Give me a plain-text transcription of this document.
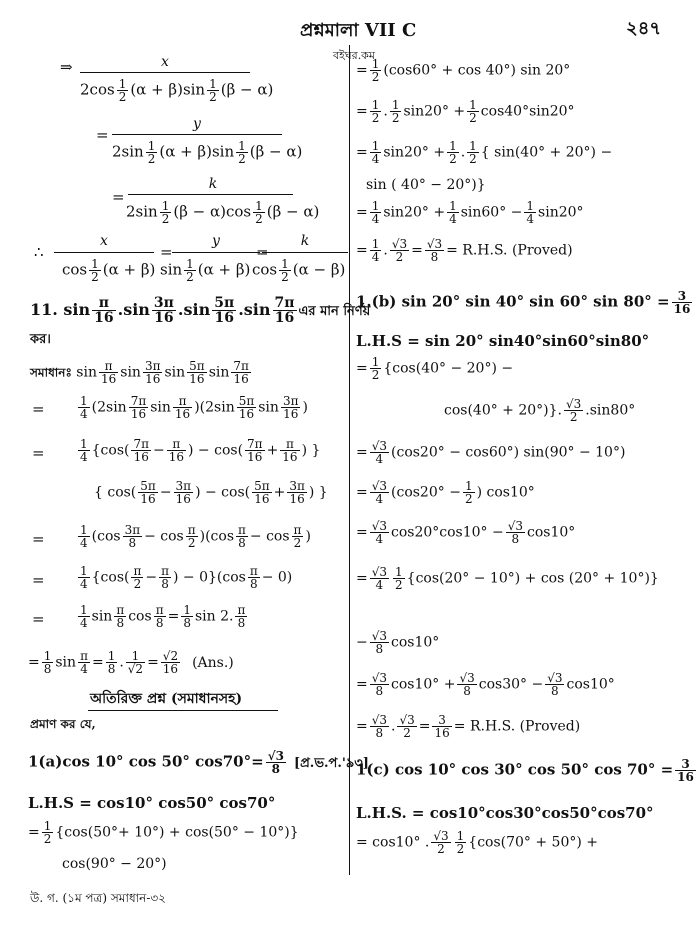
প্রশ্নমালা VII C	২৪৭
বইঘর.কম
⇒	x
$2\cos \frac{1}{2} (\alpha + \beta)\sin \frac{1}{2} (\beta - \alpha)$
=
y
$2\sin \frac{1}{2} (\alpha + \beta)\sin \frac{1}{2} (\beta - \alpha)$
=
k
$2\sin \frac{1}{2} (\beta - \alpha)\cos \frac{1}{2} (\beta - \alpha)$
∴
x
$\cos \frac{1}{2} (\alpha + \beta)$
=
y
$\sin \frac{1}{2} (\alpha + \beta)$
=
k
$\cos \frac{1}{2} (\alpha - \beta)$
11. $\sin \frac{\pi}{16} .\sin \frac{3\pi}{16} .\sin \frac{5\pi}{16} .\sin \frac{7\pi}{16}$ এর মান নির্ণয়
কর।
সমাধানঃ $\sin \frac{\pi}{16}$ $\sin \frac{3\pi}{16}$ $\sin \frac{5\pi}{16}$ $\sin \frac{7\pi}{16}$
=	$\frac{1}{4} (2\sin \frac{7\pi}{16}$ $\sin \frac{\pi}{16} )(2\sin \frac{5\pi}{16}$ $\sin \frac{3\pi}{16}$ )
=	$\frac{1}{4} \{\cos( \frac{7\pi}{16} - \frac{\pi}{16}$ ) − $\cos( \frac{7\pi}{16} + \frac{\pi}{16}$ ) }
{ $\cos( \frac{5\pi}{16} - \frac{3\pi}{16}$ ) − $\cos( \frac{5\pi}{16} + \frac{3\pi}{16}$ ) }
=	$\frac{1}{4} (\cos \frac{3\pi}{8} - \cos \frac{\pi}{2} )(\cos \frac{\pi}{8} - \cos \frac{\pi}{2}$ )
=	$\frac{1}{4} \{\cos( \frac{\pi}{2} - \frac{\pi}{8}$ ) − $0\}(\cos \frac{\pi}{8} - 0)$
=	$\frac{1}{4}$ $\sin \frac{\pi}{8}$ $\cos \frac{\pi}{8} = \frac{1}{8}$ sin 2. $\frac{\pi}{8}$
= $\frac{1}{8}$ $\sin \frac{\pi}{4} = \frac{1}{8}$ . $\frac{1}{√2} = \frac{√2}{16} (Ans.)$
অতিরিক্ত প্রশ্ন (সমাধানসহ)
প্রমাণ কর যে,
1(a)cos 10° cos 50° $\cos 70^\circ= \frac{√3}{8}$ [প্র.ভ.প.'৯৩]
L.H.S = cos10° cos50° cos70°
= $\frac{1}{2} \{\cos(50^\circ+ 10^\circ) + \cos(50^\circ - 10^\circ)\}$
cos(90° − 20°)
উ. গ. (১ম পত্র) সমাধান-৩২
= $\frac{1}{2} (\cos 60^\circ + \cos 40^\circ)$ sin 20°
= $\frac{1}{2}$ . $\frac{1}{2} \sin 20^\circ + \frac{1}{2} \cos 40^\circ\sin 20^\circ$
= $\frac{1}{4} \sin 20^\circ + \frac{1}{2}$ . $\frac{1}{2}$ { sin(40° + 20°) −
sin ( 40° − 20°)}
= $\frac{1}{4} \sin 20^\circ + \frac{1}{4} \sin 60^\circ - \frac{1}{4} \sin 20^\circ$
= $\frac{1}{4}$ . $\frac{√3}{2} = \frac{√3}{8} = R.H.S$. (Proved)
1.(b) sin 20° sin 40° sin 60° $\sin 80^\circ = \frac{3}{16}$
L.H.S = sin 20° sin40°sin60°sin80°
= $\frac{1}{2} \{\cos(40^\circ - 20^\circ)$ −
cos(40° + 20°)}. $\frac{√3}{2} .\sin 80^\circ$
= $\frac{√3}{4} (\cos 20^\circ - \cos 60^\circ) \sin(90^\circ - 10^\circ)$
= $\frac{√3}{4} (\cos 20^\circ - \frac{1}{2}$ ) cos10°
= $\frac{√3}{4} \cos 20^\circ\cos 10^\circ - \frac{√3}{8} \cos 10^\circ$
= $\frac{√3}{4} \frac{1}{2} \{\cos(20^\circ - 10^\circ) + \cos (20^\circ + 10^\circ)\}$
− $\frac{√3}{8} \cos 10^\circ$
= $\frac{√3}{8} \cos 10^\circ + \frac{√3}{8} \cos 30^\circ - \frac{√3}{8} \cos 10^\circ$
= $\frac{√3}{8}$ . $\frac{√3}{2} = \frac{3}{16} = R.H.S$. (Proved)
1(c) cos 10° cos 30° cos 50° $\cos 70^\circ = \frac{3}{16}$
L.H.S. = cos10°cos30°cos50°cos70°
= cos10° . $\frac{√3}{2} \frac{1}{2} \{\cos(70^\circ + 50^\circ)$ +
